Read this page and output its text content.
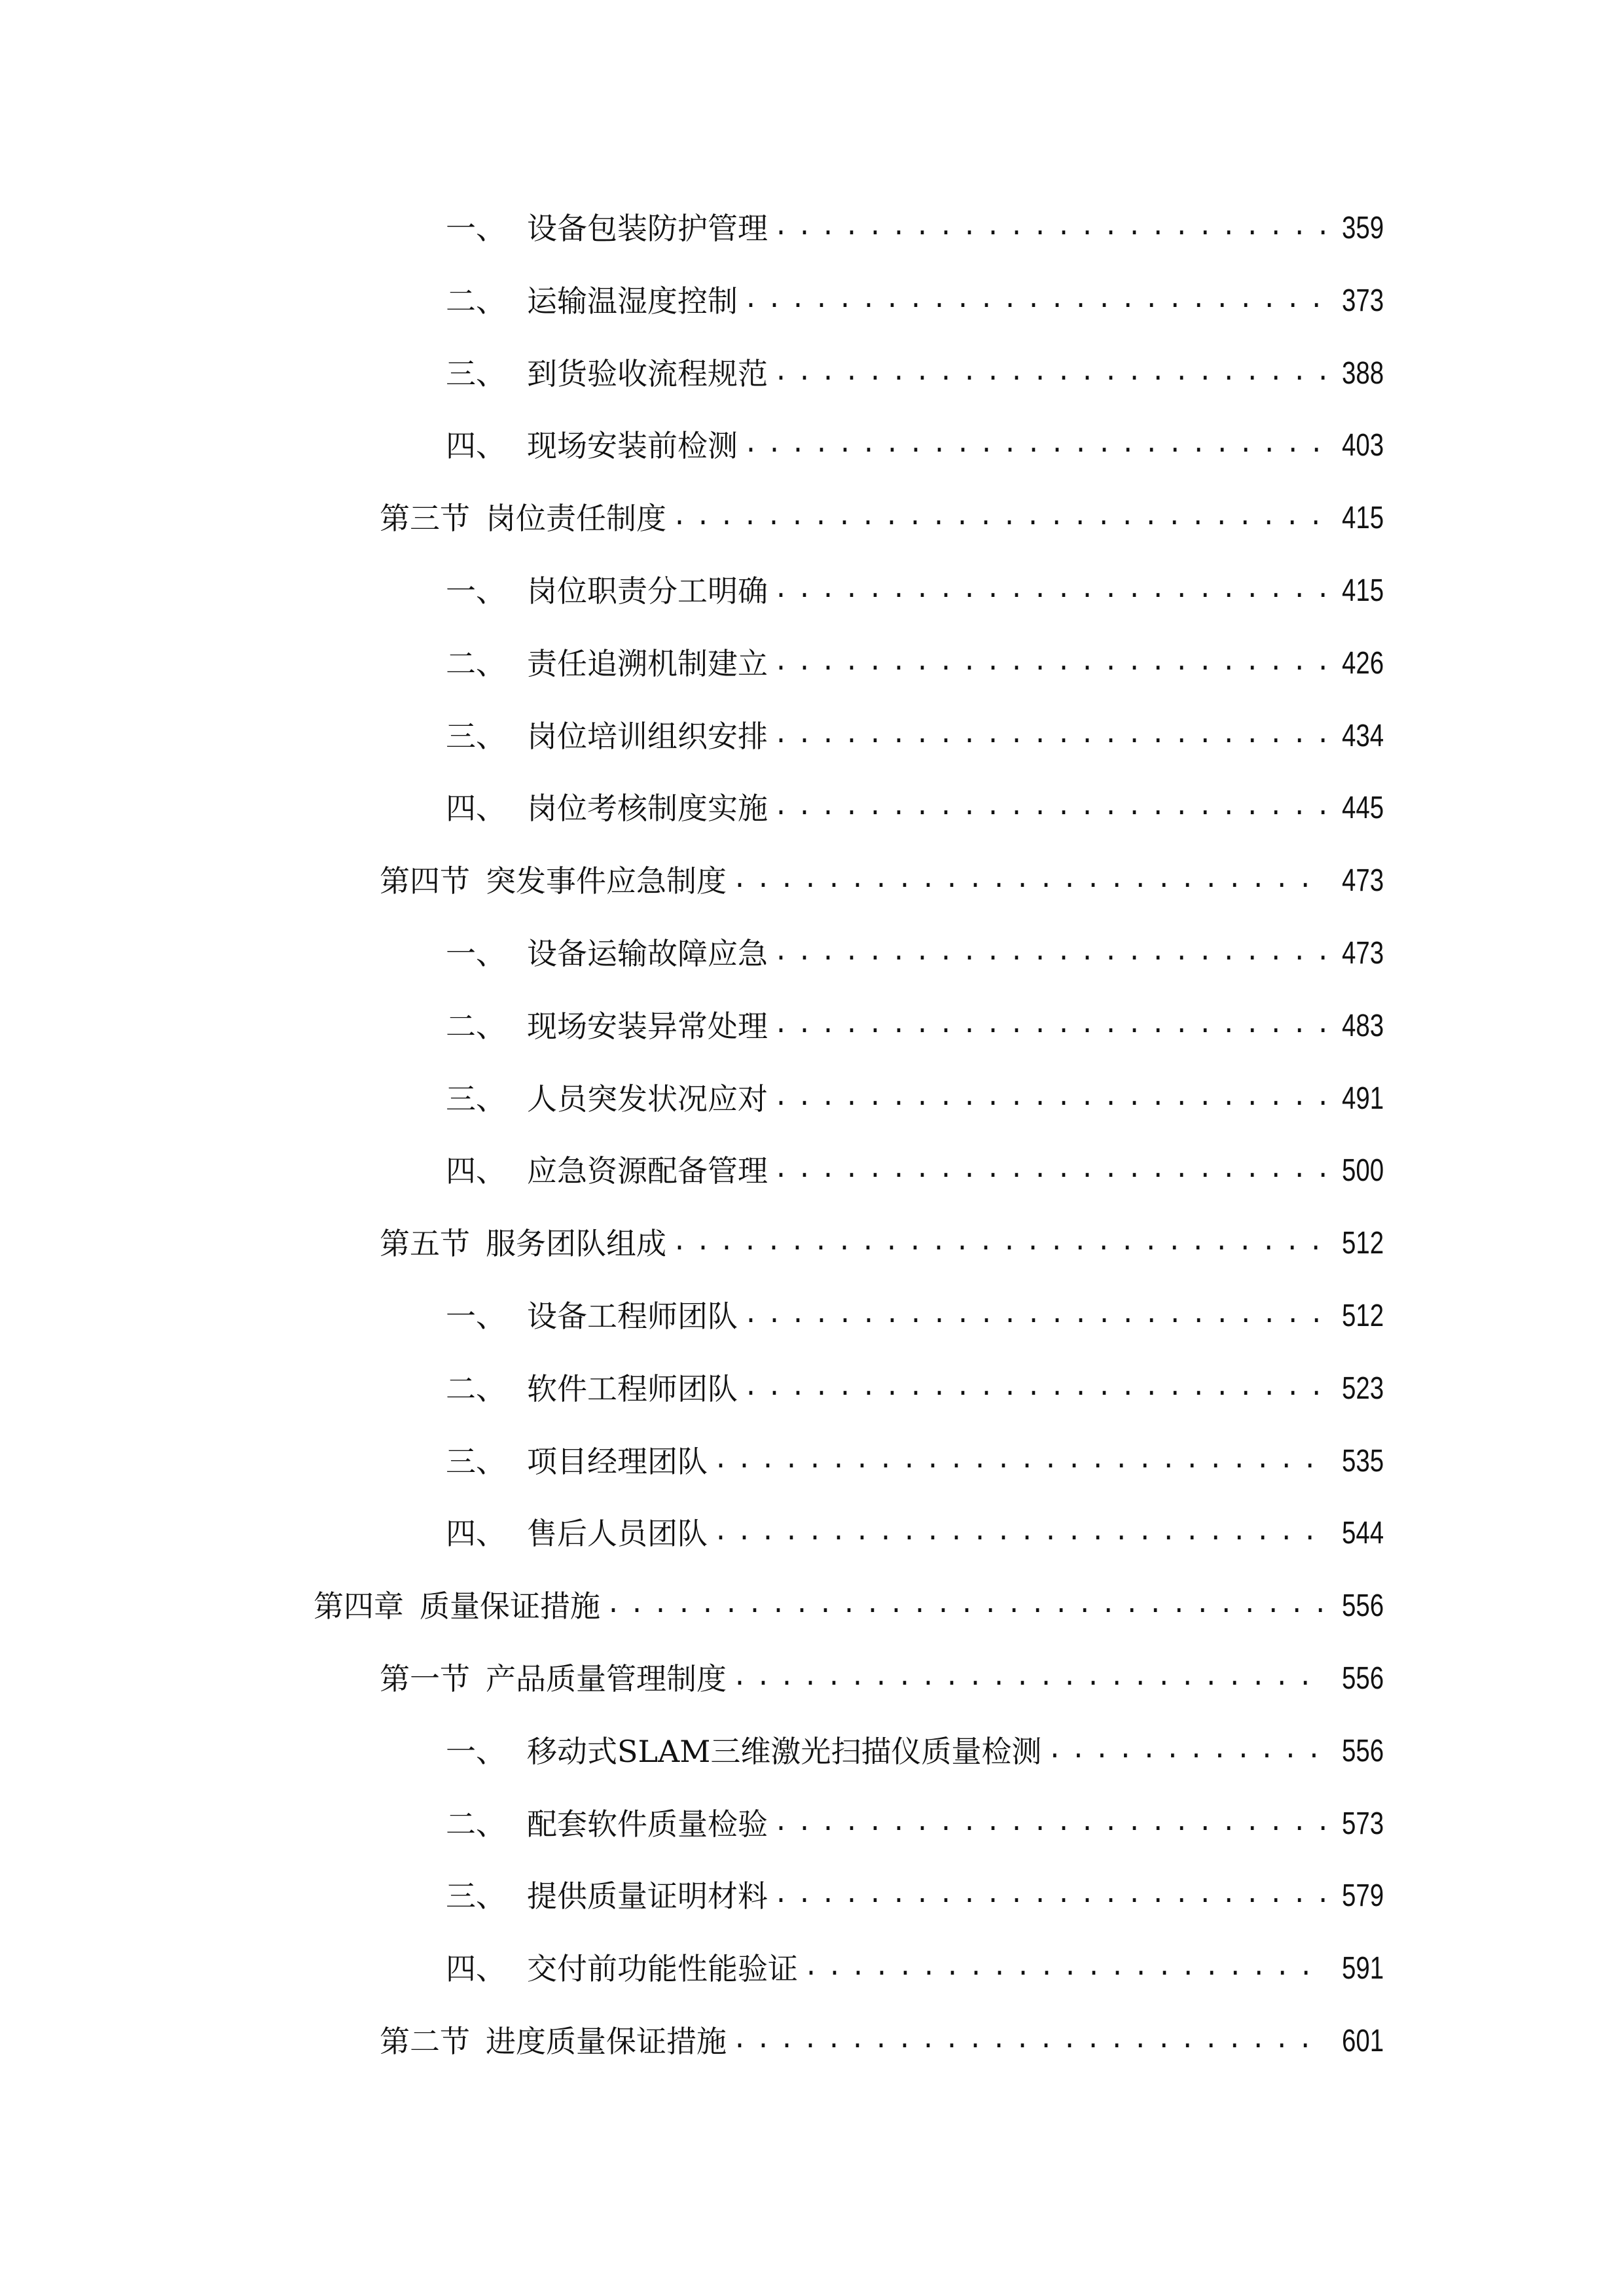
一、 设备包装防护管理 .....	359
二、 运输温湿度控制 .....	373
三、 到货验收流程规范 .....	388
四、 现场安装前检测 .....	403
第三节 岗位责任制度 .....	415
一、 岗位职责分工明确 .....	415
二、 责任追溯机制建立 .....	426
三、 岗位培训组织安排 .....	434
四、 岗位考核制度实施 .....	445
第四节 突发事件应急制度 .....	473
一、 设备运输故障应急 .....	473
二、 现场安装异常处理 .....	483
三、 人员突发状况应对 .....	491
四、 应急资源配备管理 .....	500
第五节 服务团队组成 .....	512
一、 设备工程师团队 .....	512
二、 软件工程师团队 .....	523
三、 项目经理团队 .....	535
四、 售后人员团队 .....	544
第四章 质量保证措施 .....	556
第一节 产品质量管理制度 .....	556
一、 移动式SLAM三维激光扫描仪质量检测 .....	556
二、 配套软件质量检验 .....	573
三、 提供质量证明材料 .....	579
四、 交付前功能性能验证 .....	591
第二节 进度质量保证措施 .....	601
